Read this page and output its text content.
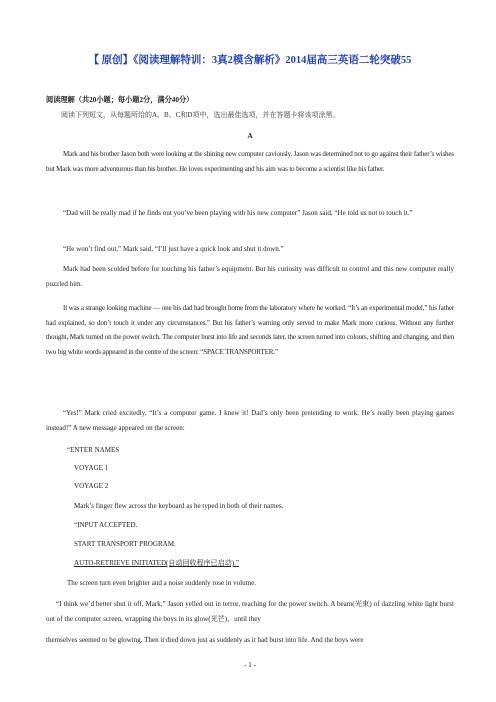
【 原创】《阅读理解特训：3真2模含解析》2014届高三英语二轮突破55
阅读理解（共20小题；每小题2分，满分40分）
阅读下列短文，从每题所给的A、B、C和D项中，选出最佳选项，并在答题卡将该项涂黑。
A

Mark and his brother Jason both were looking at the shining new computer caviously. Jason was determined not to go against their father’s wishes but Mark was more adventurous than his brother. He loves experimenting and his aim was to become a scientist like his father.

“Dad will be really mad if he finds out you’ve been playing with his new computer” Jason said, “He told us not to touch it.”

“He won’t find out,” Mark said, “I’ll just have a quick look and shut it down.”

Mark had been scolded before for touching his father’s equipment. But his curiosity was difficult to control and this new computer really puzzled him.

It was a strange looking machine — one his dad had brought home from the laboratory where he worked. “It’s an experimental model,” his father had explained, so don’t touch it under any circumstances.” But his father’s warning only served to make Mark more curious. Without any further thought, Mark turned on the power switch. The computer burst into life and seconds later, the screen turned into colours, shifting and changing, and then two big white words appeared in the centre of the screen: “SPACE TRANSPORTER.”

“Yes!” Mark cried excitedly. “It’s a computer game. I knew it! Dad’s only been pretending to work. He’s really been playing games instead!” A new message appeared on the screen:

“ENTER NAMES
VOYAGE 1
VOYAGE 2
Mark’s finger flew across the keyboard as he typed in both of their names.
“INPUT ACCEPTED.
START TRANSPORT PROGRAM.
AUTO-RETRIEVE INITIATED(自动回收程序已启动).”
The screen turn even brighter and a noise suddenly rose in volume.

“I think we’d better shut it off, Mark,” Jason yelled out in terror, reaching for the power switch. A beam(光束) of dazzling white light burst out of the computer screen, wrapping the boys in its glow(光芒)，until they

themselves seemed to be glowing. Then it died down just as suddenly as it had burst into life. And the boys were
- 1 -
